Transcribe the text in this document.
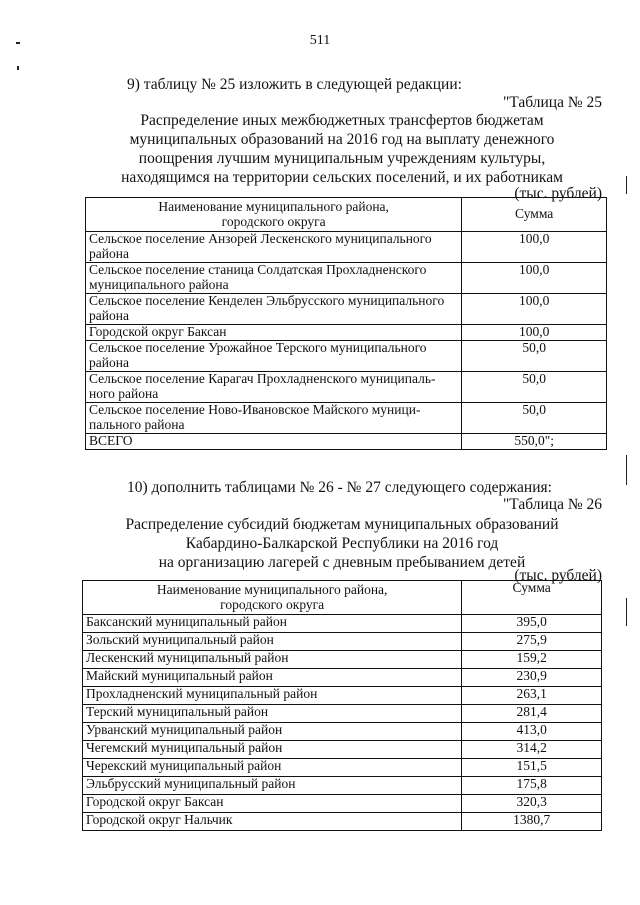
511
9) таблицу № 25 изложить в следующей редакции:
"Таблица № 25
Распределение иных межбюджетных трансфертов бюджетам
муниципальных образований на 2016 год на выплату денежного
поощрения лучшим муниципальным учреждениям культуры,
находящимся на территории сельских поселений, и их работникам
(тыс. рублей)
Наименование муниципального района, городского округа	Сумма
Сельское поселение Анзорей Лескенского муниципального района	100,0
Сельское поселение станица Солдатская Прохладненского муниципального района	100,0
Сельское поселение Кенделен Эльбрусского муниципального района	100,0
Городской округ Баксан	100,0
Сельское поселение Урожайное Терского муниципального района	50,0
Сельское поселение Карагач Прохладненского муниципаль-ного района	50,0
Сельское поселение Ново-Ивановское Майского муници-пального района	50,0
ВСЕГО	550,0";
10) дополнить таблицами № 26 - № 27 следующего содержания:
"Таблица № 26
Распределение субсидий бюджетам муниципальных образований
Кабардино-Балкарской Республики на 2016 год
на организацию лагерей с дневным пребыванием детей
(тыс. рублей)
Наименование муниципального района, городского округа	Сумма
Баксанский муниципальный район	395,0
Зольский муниципальный район	275,9
Лескенский муниципальный район	159,2
Майский муниципальный район	230,9
Прохладненский муниципальный район	263,1
Терский муниципальный район	281,4
Урванский муниципальный район	413,0
Чегемский муниципальный район	314,2
Черекский муниципальный район	151,5
Эльбрусский муниципальный район	175,8
Городской округ Баксан	320,3
Городской округ Нальчик	1380,7
